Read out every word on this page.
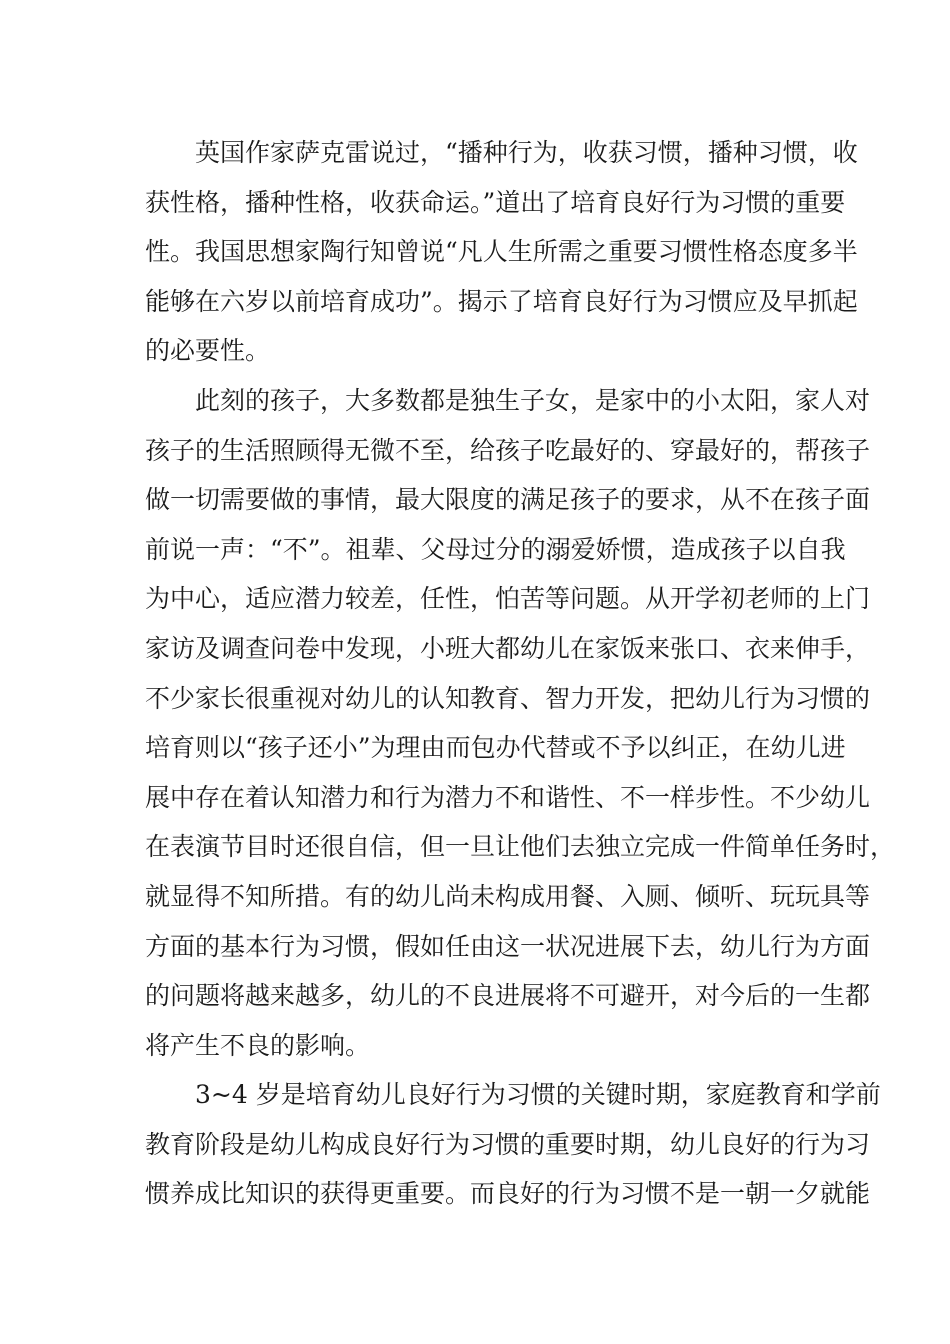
英国作家萨克雷说过，“播种行为，收获习惯，播种习惯，收
获性格，播种性格，收获命运。”道出了培育良好行为习惯的重要
性。我国思想家陶行知曾说“凡人生所需之重要习惯性格态度多半
能够在六岁以前培育成功”。揭示了培育良好行为习惯应及早抓起
的必要性。
此刻的孩子，大多数都是独生子女，是家中的小太阳，家人对
孩子的生活照顾得无微不至，给孩子吃最好的、穿最好的，帮孩子
做一切需要做的事情，最大限度的满足孩子的要求，从不在孩子面
前说一声：“不”。祖辈、父母过分的溺爱娇惯，造成孩子以自我
为中心，适应潜力较差，任性，怕苦等问题。从开学初老师的上门
家访及调查问卷中发现，小班大都幼儿在家饭来张口、衣来伸手，
不少家长很重视对幼儿的认知教育、智力开发，把幼儿行为习惯的
培育则以“孩子还小”为理由而包办代替或不予以纠正，在幼儿进
展中存在着认知潜力和行为潜力不和谐性、不一样步性。不少幼儿
在表演节目时还很自信，但一旦让他们去独立完成一件简单任务时，
就显得不知所措。有的幼儿尚未构成用餐、入厕、倾听、玩玩具等
方面的基本行为习惯，假如任由这一状况进展下去，幼儿行为方面
的问题将越来越多，幼儿的不良进展将不可避开，对今后的一生都
将产生不良的影响。
3~4 岁是培育幼儿良好行为习惯的关键时期，家庭教育和学前
教育阶段是幼儿构成良好行为习惯的重要时期，幼儿良好的行为习
惯养成比知识的获得更重要。而良好的行为习惯不是一朝一夕就能
